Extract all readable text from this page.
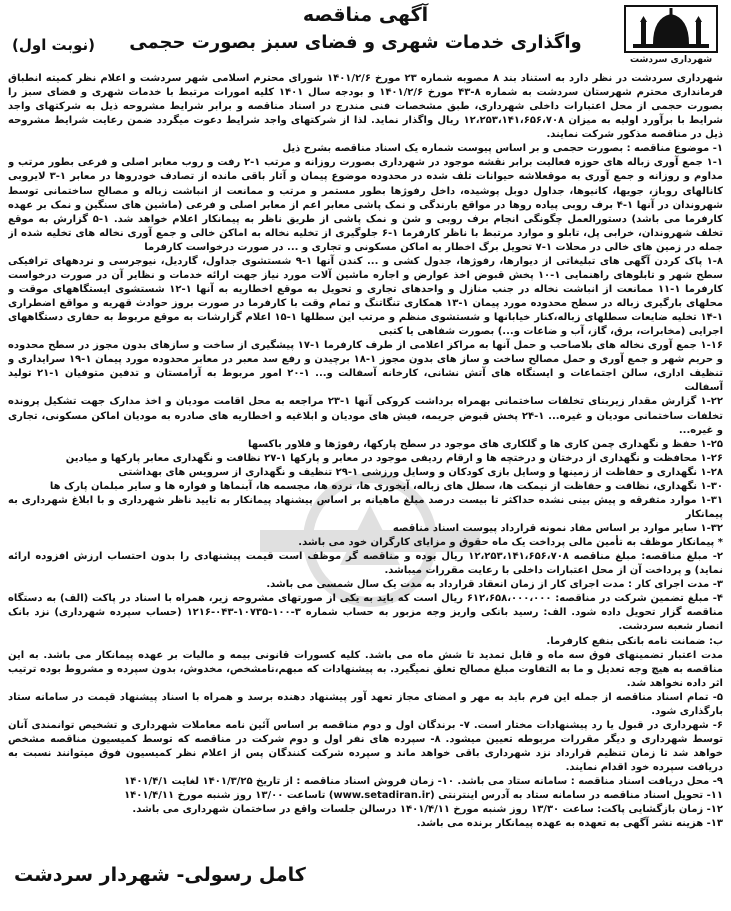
شهرداری سردشت
آگهی مناقصه
واگذاری خدمات شهری و فضای سبز بصورت حجمی
(نوبت اول)

شهرداری سردشت در نظر دارد به استناد بند ۸ مصوبه شماره ۲۳ مورخ ۱۴۰۱/۲/۶ شورای محترم اسلامی شهر سردشت و اعلام نظر کمیته انطباق فرمانداری محترم شهرستان سردشت به شماره ۸-۴۳ مورخ ۱۴۰۱/۲/۶ و بودجه سال ۱۴۰۱ کلیه امورات مرتبط با خدمات شهری و فضای سبز را بصورت حجمی از محل اعتبارات داخلی شهرداری، طبق مشخصات فنی مندرج در اسناد مناقصه و برابر شرایط مشروحه ذیل به شرکتهای واجد شرایط با برآورد اولیه به میزان ۱۲،۲۵۳،۱۴۱،۶۵۶،۷۰۸ ریال واگذار نماید. لذا از شرکتهای واجد شرایط دعوت میگردد ضمن رعایت شرایط مشروحه ذیل در مناقصه مذکور شرکت نمایند.

۱- موضوع مناقصه : بصورت حجمی و بر اساس پیوست شماره یک اسناد مناقصه بشرح ذیل

۱-۱ جمع آوری زباله های حوزه فعالیت برابر نقشه موجود در شهرداری بصورت روزانه و مرتب ۱-۲ رفت و روب معابر اصلی و فرعی بطور مرتب و مداوم و روزانه و جمع آوری به موقعلاشه حیوانات تلف شده در محدوده موضوع پیمان و آثار باقی مانده از تصادف خودروها در معابر ۱-۳ لایروبی کانالهای روباز، جویها، کانیوها، جداول دوبل پوشیده، داخل رفوژها بطور مستمر و مرتب و ممانعت از انباشت زباله و مصالح ساختمانی توسط شهروندان در آنها ۱-۴ برف روبی پیاده روها در مواقع بارندگی و نمک پاشی معابر اعم از معابر اصلی و فرعی (ماشین های سنگین و نمک بر عهده کارفرما می باشد) دستورالعمل چگونگی انجام برف روبی و شن و نمک پاشی از طریق ناظر به پیمانکار اعلام خواهد شد. ۱-۵ گزارش به موقع تخلف شهروندان، خرابی پل، تابلو و موارد مرتبط با ناظر کارفرما ۱-۶ جلوگیری از تخلیه نخاله به اماکن خالی و جمع آوری نخاله های تخلیه شده از جمله در زمین های خالی در محلات ۱-۷ تحویل برگ اخطار به اماکن مسکونی و تجاری و ... در صورت درخواست کارفرما

۱-۸ پاک کردن آگهی های تبلیغاتی از دیوارها، رفوژها، جدول کشی و ... کندن آنها ۱-۹ شستشوی جداول، گاردیل، نیوجرسی و نردههای ترافیکی سطح شهر و تابلوهای راهنمایی ۱-۱۰ پخش قبوض اخذ عوارض و اجاره ماشین آلات مورد نیاز جهت ارائه خدمات و نظایر آن در صورت درخواست کارفرما ۱-۱۱ ممانعت از انباشت نخاله در جنب منازل و واحدهای تجاری و تحویل به موقع اخطاریه به آنها ۱-۱۲ شستشوی ایستگاههای موقت و محلهای بارگیری زباله در سطح محدوده مورد پیمان ۱-۱۳ همکاری تنگاتنگ و تمام وقت با کارفرما در صورت بروز حوادث قهریه و مواقع اضطراری ۱-۱۴ تخلیه ضایعات سطلهای زباله،کنار خیابانها و شستشوی منظم و مرتب این سطلها ۱-۱۵ اعلام گزارشات به موقع مربوط به حفاری دستگاههای اجرایی (مخابرات، برق، گاز، آب و ضاعات و...) بصورت شفاهی یا کتبی

۱-۱۶ جمع آوری نخاله های بلاصاحب و حمل آنها به مراکز اعلامی از طرف کارفرما ۱-۱۷ پیشگیری از ساخت و سازهای بدون مجوز در سطح محدوده و حریم شهر و جمع آوری و حمل مصالح ساخت و ساز های بدون مجوز ۱-۱۸ برچیدن و رفع سد معبر در معابر محدوده مورد پیمان ۱-۱۹ سرایداری و تنظیف اداری، سالن اجتماعات و ایستگاه های آتش نشانی، کارخانه آسفالت و... ۱-۲۰ امور مربوط به آرامستان و تدفین متوفیان ۱-۲۱ تولید آسفالت

۱-۲۲ گزارش مقدار زیربنای تخلفات ساختمانی بهمراه برداشت کروکی آنها ۱-۲۳ مراجعه به محل اقامت مودیان و اخذ مدارک جهت تشکیل پرونده تخلفات ساختمانی مودیان و غیره... ۱-۲۴ پخش قبوض جریمه، فیش های مودیان و ابلاغیه و اخطاریه های صادره به مودیان اماکن مسکونی، تجاری و غیره...

۱-۲۵ حفظ و نگهداری چمن کاری ها و گلکاری های موجود در سطح پارکها، رفوژها و فلاور باکسها

۱-۲۶ محافظت و نگهداری از درختان و درختچه ها و ارقام ردیفی موجود در معابر و پارکها ۱-۲۷ نظافت و نگهداری معابر پارکها و میادین

۱-۲۸ نگهداری و حفاظت از زمینها و وسایل بازی کودکان و وسایل ورزشی ۱-۲۹ تنظیف و نگهداری از سرویس های بهداشتی

۱-۳۰ نگهداری، نظافت و حفاظت از نیمکت ها، سطل های زباله، آبخوری ها، نرده ها، مجسمه ها، آبنماها و فواره ها و سایر مبلمان پارک ها

۱-۳۱ موارد متفرقه و پیش بینی نشده حداکثر تا بیست درصد مبلغ ماهیانه بر اساس پیشنهاد پیمانکار به تایید ناظر شهرداری و با ابلاغ شهرداری به پیمانکار

۱-۳۲ سایر موارد بر اساس مفاد نمونه قرارداد پیوست اسناد مناقصه

* پیمانکار موظف به تأمین مالی پرداخت یک ماه حقوق و مزایای کارگران خود می باشد.

۲- مبلغ مناقصه: مبلغ مناقصه ۱۲،۲۵۳،۱۴۱،۶۵۶،۷۰۸ ریال بوده و مناقصه گر موظف است قیمت پیشنهادی را بدون احتساب ارزش افزوده ارائه نماید) و پرداخت آن از محل اعتبارات داخلی با رعایت مقررات میباشد.

۳- مدت اجرای کار : مدت اجرای کار از زمان انعقاد قرارداد به مدت یک سال شمسی می باشد.

۴- مبلغ تضمین شرکت در مناقصه: ۶۱۲،۶۵۸،۰۰۰،۰۰۰ ریال است که باید به یکی از صورتهای مشروحه زیر، همراه با اسناد در پاکت (الف) به دستگاه مناقصه گزار تحویل داده شود. الف: رسید بانکی واریز وجه مزبور به حساب شماره ۳-۱۰۰-۱۰۷۳۵-۰۴۳-۱۲۱۶ (حساب سپرده شهرداری) نزد بانک انصار شعبه سردشت.

ب: ضمانت نامه بانکی بنفع کارفرما.

مدت اعتبار تضمینهای فوق سه ماه و قابل تمدید تا شش ماه می باشد. کلیه کسورات قانونی بیمه و مالیات بر عهده پیمانکار می باشد. به این مناقصه به هیچ وجه تعدیل و ما به التفاوت مبلغ مصالح تعلق نمیگیرد. به پیشنهادات که مبهم،نامشخص، مخدوش، بدون سپرده و مشروط بوده ترتیب اثر داده نخواهد شد.

۵- تمام اسناد مناقصه از جمله این فرم باید به مهر و امضای مجاز تعهد آور پیشنهاد دهنده برسد و همراه با اسناد پیشنهاد قیمت در سامانه ستاد بارگذاری شود.

۶- شهرداری در قبول یا رد پیشنهادات مختار است. ۷- برندگان اول و دوم مناقصه بر اساس آئین نامه معاملات شهرداری و تشخیص توانمندی آنان توسط شهرداری و دیگر مقررات مربوطه تعیین میشود. ۸- سپرده های نفر اول و دوم شرکت در مناقصه که توسط کمیسیون مناقصه مشخص خواهد شد تا زمان تنظیم قرارداد نزد شهرداری باقی خواهد ماند و سپرده شرکت کنندگان پس از اعلام نظر کمیسیون فوق میتوانند نسبت به دریافت سپرده خود اقدام نمایند.

۹- محل دریافت اسناد مناقصه : سامانه ستاد می باشد. ۱۰- زمان فروش اسناد مناقصه : از تاریخ ۱۴۰۱/۳/۲۵ لغایت ۱۴۰۱/۴/۱

۱۱- تحویل اسناد مناقصه در سامانه ستاد به آدرس اینترنتی (www.setadiran.ir) تاساعت ۱۳/۰۰ روز شنبه مورخ ۱۴۰۱/۴/۱۱

۱۲- زمان بازگشایی پاکت: ساعت ۱۳/۳۰ روز شنبه مورخ ۱۴۰۱/۴/۱۱ درسالن جلسات واقع در ساختمان شهرداری می باشد.

۱۳- هزینه نشر آگهی به تعهده به عهده پیمانکار برنده می باشد.

کامل رسولی- شهردار سردشت
